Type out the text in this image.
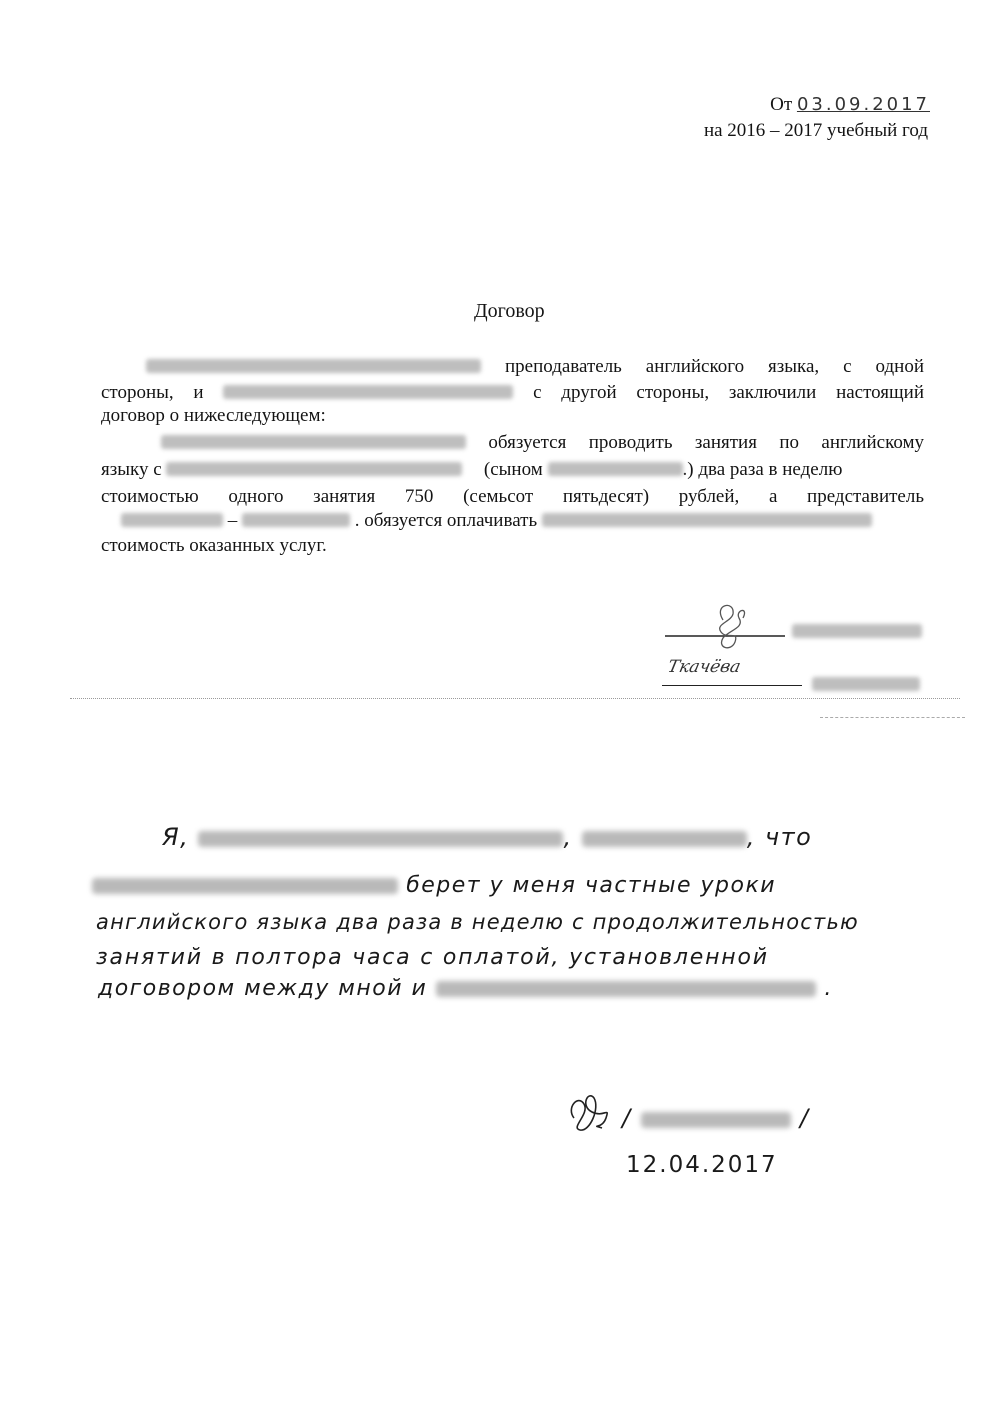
От 03.09.2017
на 2016 – 2017 учебный год
Договор
преподаватель английского языка, с одной
стороны, и	с другой стороны, заключили настоящий
договор о нижеследующем:
обязуется проводить занятия по английскому
языку с	(сыном	.) два раза в неделю
стоимостью одного занятия 750 (семьсот пятьдесят) рублей, а представитель
–	. обязуется оплачивать
стоимость оказанных услуг.
Ткачёва
Я,	,	, что
берет у меня частные уроки
английского языка два раза в неделю с продолжительностью
занятий в полтора часа с оплатой, установленной
договором между мной и	.
/	/
12.04.2017
